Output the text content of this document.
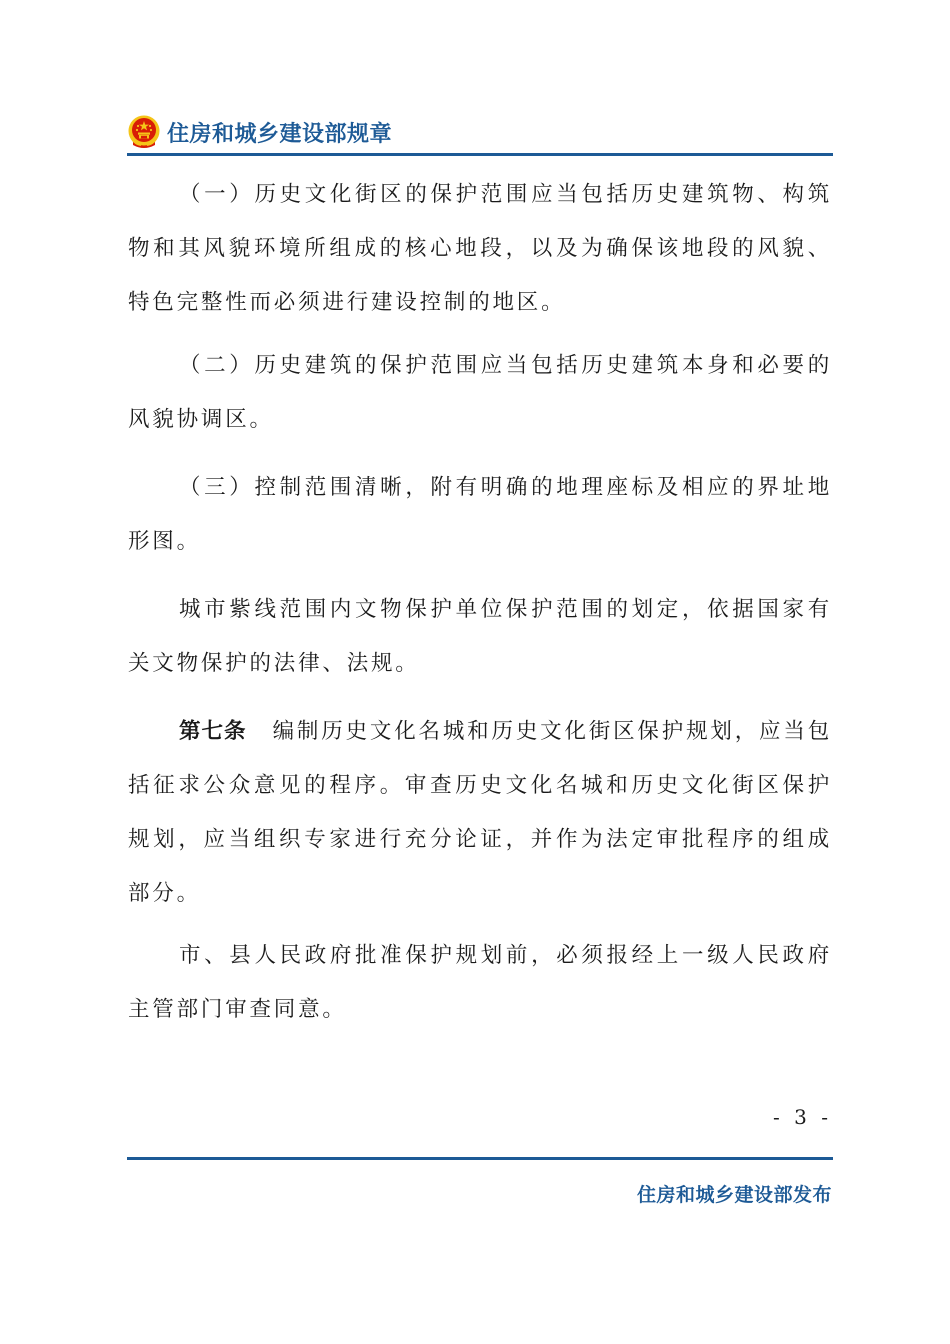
住房和城乡建设部规章

（一）历史文化街区的保护范围应当包括历史建筑物、构筑物和其风貌环境所组成的核心地段，以及为确保该地段的风貌、特色完整性而必须进行建设控制的地区。

（二）历史建筑的保护范围应当包括历史建筑本身和必要的风貌协调区。

（三）控制范围清晰，附有明确的地理座标及相应的界址地形图。

城市紫线范围内文物保护单位保护范围的划定，依据国家有关文物保护的法律、法规。

第七条 编制历史文化名城和历史文化街区保护规划，应当包括征求公众意见的程序。审查历史文化名城和历史文化街区保护规划，应当组织专家进行充分论证，并作为法定审批程序的组成部分。

市、县人民政府批准保护规划前，必须报经上一级人民政府主管部门审查同意。

- 3 -
住房和城乡建设部发布
